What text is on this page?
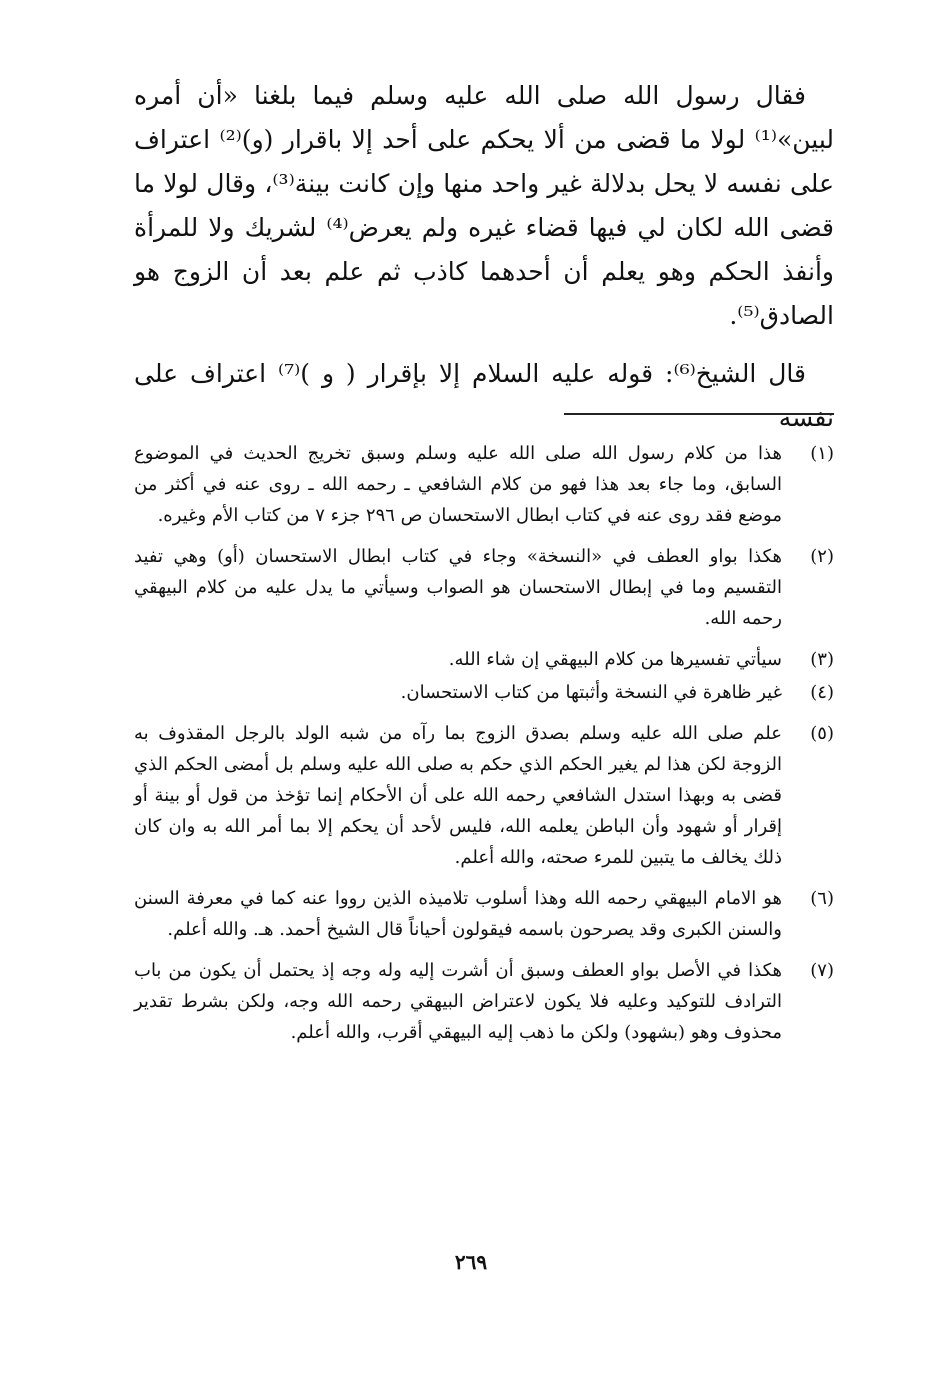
فقال رسول الله صلى الله عليه وسلم فيما بلغنا «أن أمره لبين»⁽¹⁾ لولا ما قضى من ألا يحكم على أحد إلا باقرار (و)⁽²⁾ اعتراف على نفسه لا يحل بدلالة غير واحد منها وإن كانت بينة⁽³⁾، وقال لولا ما قضى الله لكان لي فيها قضاء غيره ولم يعرض⁽⁴⁾ لشريك ولا للمرأة وأنفذ الحكم وهو يعلم أن أحدهما كاذب ثم علم بعد أن الزوج هو الصادق⁽⁵⁾.

قال الشيخ⁽⁶⁾: قوله عليه السلام إلا بإقرار ( و )⁽⁷⁾ اعتراف على نفسه

(١)
هذا من كلام رسول الله صلى الله عليه وسلم وسبق تخريج الحديث في الموضوع السابق، وما جاء بعد هذا فهو من كلام الشافعي ـ رحمه الله ـ روى عنه في أكثر من موضع فقد روى عنه في كتاب ابطال الاستحسان ص ٢٩٦ جزء ٧ من كتاب الأم وغيره.
(٢)
هكذا بواو العطف في «النسخة» وجاء في كتاب ابطال الاستحسان (أو) وهي تفيد التقسيم وما في إبطال الاستحسان هو الصواب وسيأتي ما يدل عليه من كلام البيهقي رحمه الله.
(٣)
سيأتي تفسيرها من كلام البيهقي إن شاء الله.
(٤)
غير ظاهرة في النسخة وأثبتها من كتاب الاستحسان.
(٥)
علم صلى الله عليه وسلم بصدق الزوج بما رآه من شبه الولد بالرجل المقذوف به الزوجة لكن هذا لم يغير الحكم الذي حكم به صلى الله عليه وسلم بل أمضى الحكم الذي قضى به وبهذا استدل الشافعي رحمه الله على أن الأحكام إنما تؤخذ من قول أو بينة أو إقرار أو شهود وأن الباطن يعلمه الله، فليس لأحد أن يحكم إلا بما أمر الله به وان كان ذلك يخالف ما يتبين للمرء صحته، والله أعلم.
(٦)
هو الامام البيهقي رحمه الله وهذا أسلوب تلاميذه الذين رووا عنه كما في معرفة السنن والسنن الكبرى وقد يصرحون باسمه فيقولون أحياناً قال الشيخ أحمد. هـ. والله أعلم.
(٧)
هكذا في الأصل بواو العطف وسبق أن أشرت إليه وله وجه إذ يحتمل أن يكون من باب الترادف للتوكيد وعليه فلا يكون لاعتراض البيهقي رحمه الله وجه، ولكن بشرط تقدير محذوف وهو (بشهود) ولكن ما ذهب إليه البيهقي أقرب، والله أعلم.
٢٦٩
